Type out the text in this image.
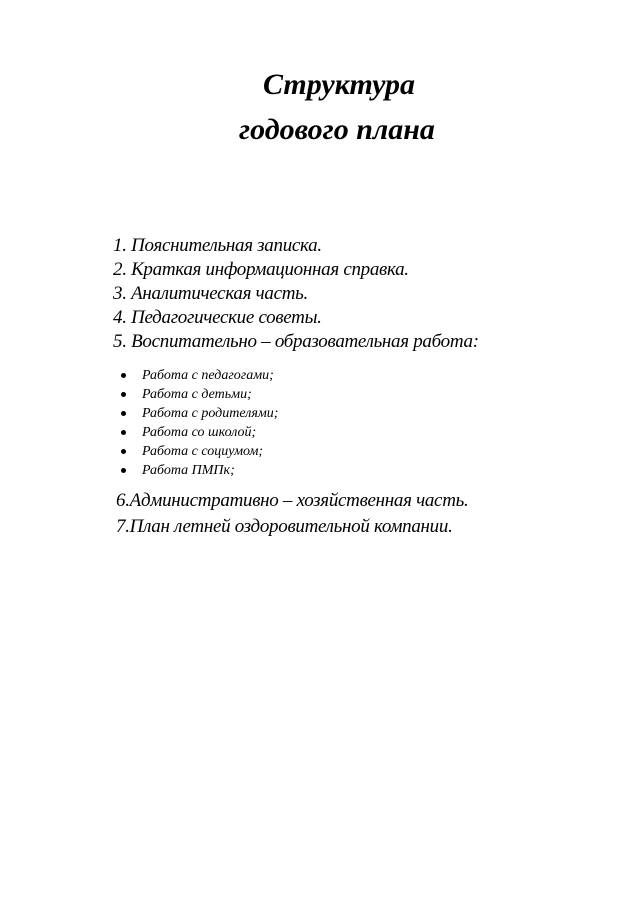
Структура
годового плана
1. Пояснительная записка.
2. Краткая информационная справка.
3. Аналитическая часть.
4. Педагогические советы.
5. Воспитательно – образовательная работа:
Работа с педагогами;
Работа с детьми;
Работа с родителями;
Работа со школой;
Работа с социумом;
Работа ПМПк;
6.Административно – хозяйственная часть.
7.План летней оздоровительной компании.
